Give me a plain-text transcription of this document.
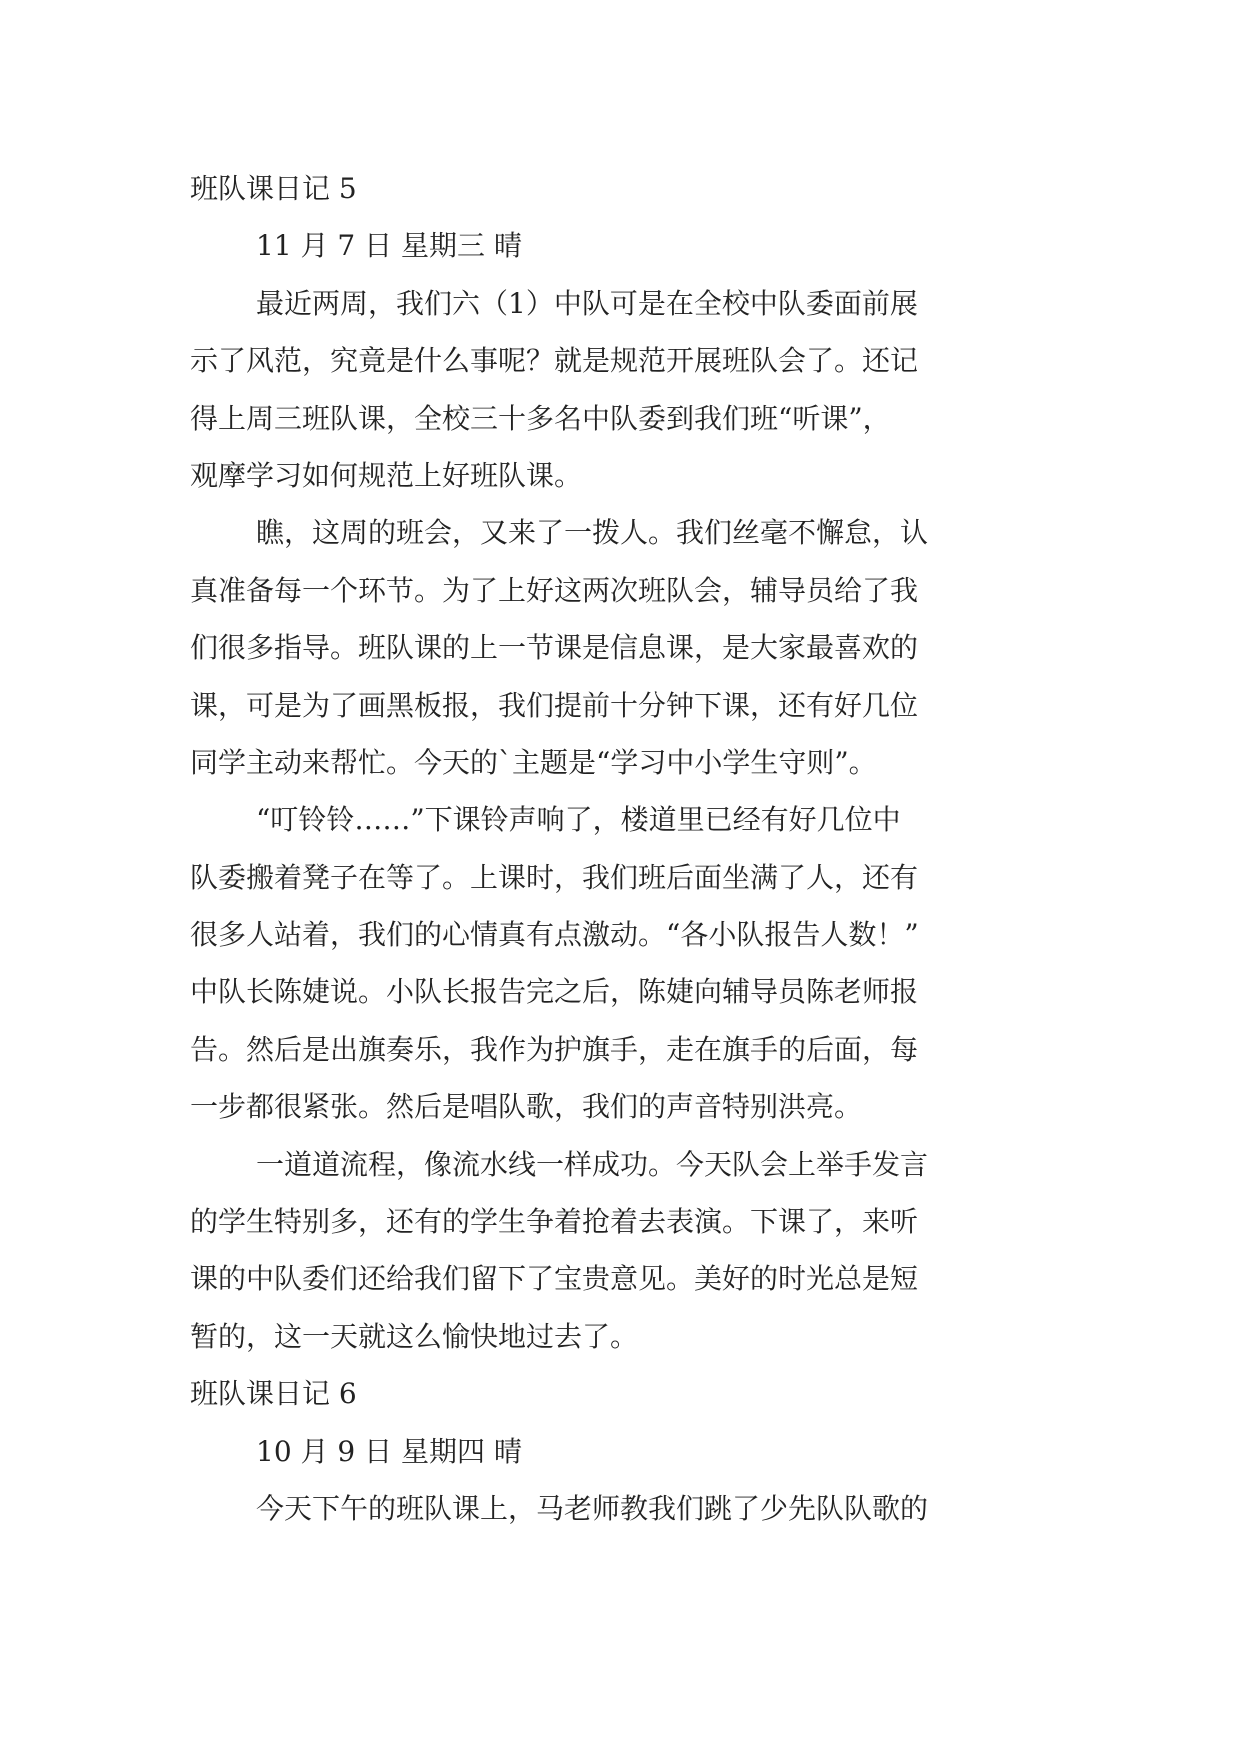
班队课日记 5

11 月 7 日 星期三 晴

最近两周，我们六（1）中队可是在全校中队委面前展

示了风范，究竟是什么事呢？就是规范开展班队会了。还记

得上周三班队课，全校三十多名中队委到我们班“听课”，

观摩学习如何规范上好班队课。

瞧，这周的班会，又来了一拨人。我们丝毫不懈怠，认

真准备每一个环节。为了上好这两次班队会，辅导员给了我

们很多指导。班队课的上一节课是信息课，是大家最喜欢的

课，可是为了画黑板报，我们提前十分钟下课，还有好几位

同学主动来帮忙。今天的`主题是“学习中小学生守则”。

“叮铃铃……”下课铃声响了，楼道里已经有好几位中

队委搬着凳子在等了。上课时，我们班后面坐满了人，还有

很多人站着，我们的心情真有点激动。“各小队报告人数！”

中队长陈婕说。小队长报告完之后，陈婕向辅导员陈老师报

告。然后是出旗奏乐，我作为护旗手，走在旗手的后面，每

一步都很紧张。然后是唱队歌，我们的声音特别洪亮。

一道道流程，像流水线一样成功。今天队会上举手发言

的学生特别多，还有的学生争着抢着去表演。下课了，来听

课的中队委们还给我们留下了宝贵意见。美好的时光总是短

暂的，这一天就这么愉快地过去了。

班队课日记 6

10 月 9 日 星期四 晴

今天下午的班队课上，马老师教我们跳了少先队队歌的
